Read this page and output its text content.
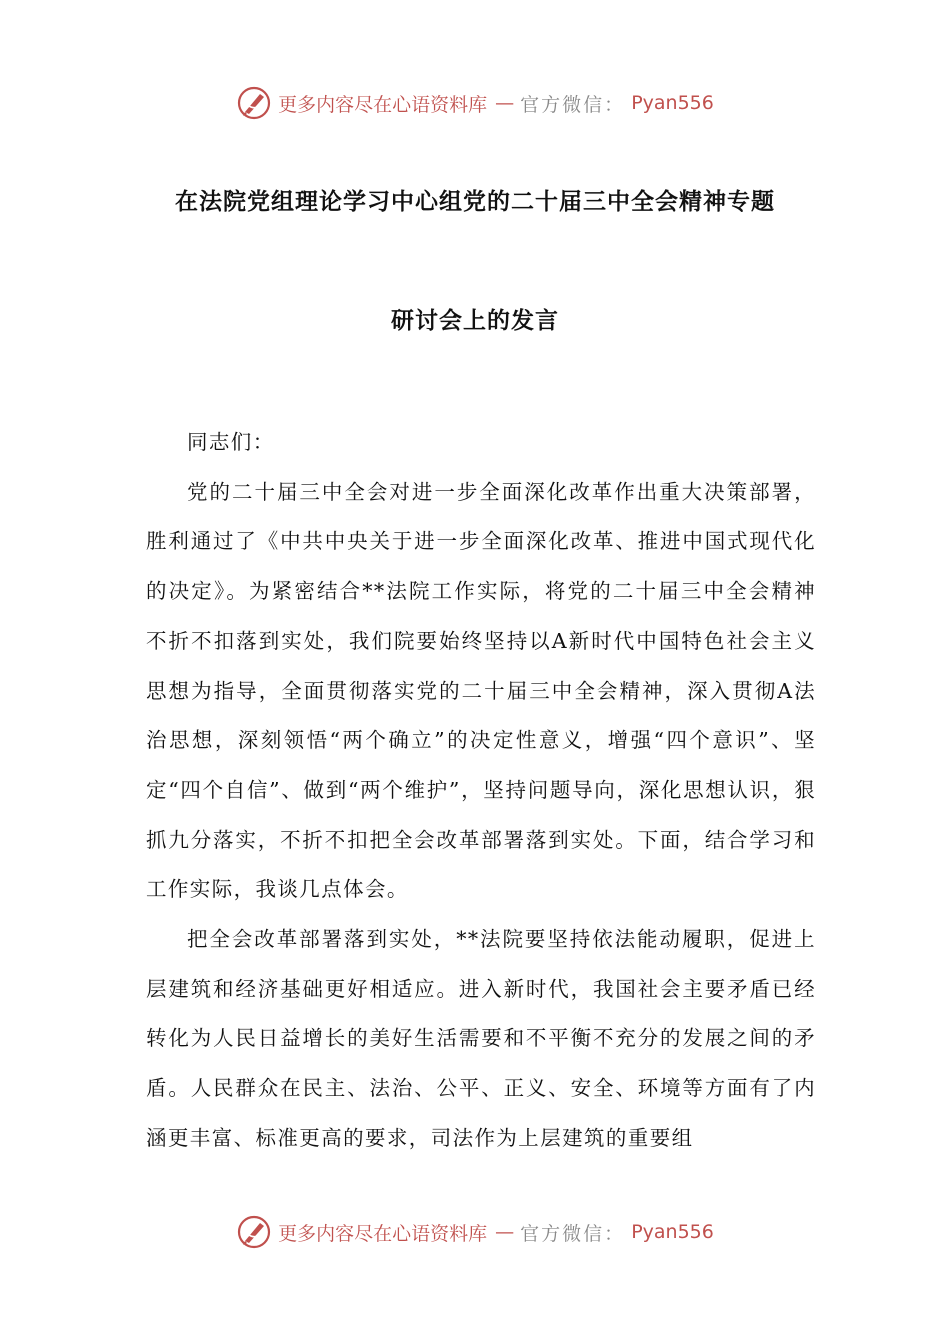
更多内容尽在心语资料库 — 官方微信： Pyan556
在法院党组理论学习中心组党的二十届三中全会精神专题
研讨会上的发言

同志们：

党的二十届三中全会对进一步全面深化改革作出重大决策部署，胜利通过了《中共中央关于进一步全面深化改革、推进中国式现代化的决定》。为紧密结合**法院工作实际，将党的二十届三中全会精神不折不扣落到实处，我们院要始终坚持以A新时代中国特色社会主义思想为指导，全面贯彻落实党的二十届三中全会精神，深入贯彻A法治思想，深刻领悟“两个确立”的决定性意义，增强“四个意识”、坚定“四个自信”、做到“两个维护”，坚持问题导向，深化思想认识，狠抓九分落实，不折不扣把全会改革部署落到实处。下面，结合学习和工作实际，我谈几点体会。

把全会改革部署落到实处，**法院要坚持依法能动履职，促进上层建筑和经济基础更好相适应。进入新时代，我国社会主要矛盾已经转化为人民日益增长的美好生活需要和不平衡不充分的发展之间的矛盾。人民群众在民主、法治、公平、正义、安全、环境等方面有了内涵更丰富、标准更高的要求，司法作为上层建筑的重要组

更多内容尽在心语资料库 — 官方微信： Pyan556
